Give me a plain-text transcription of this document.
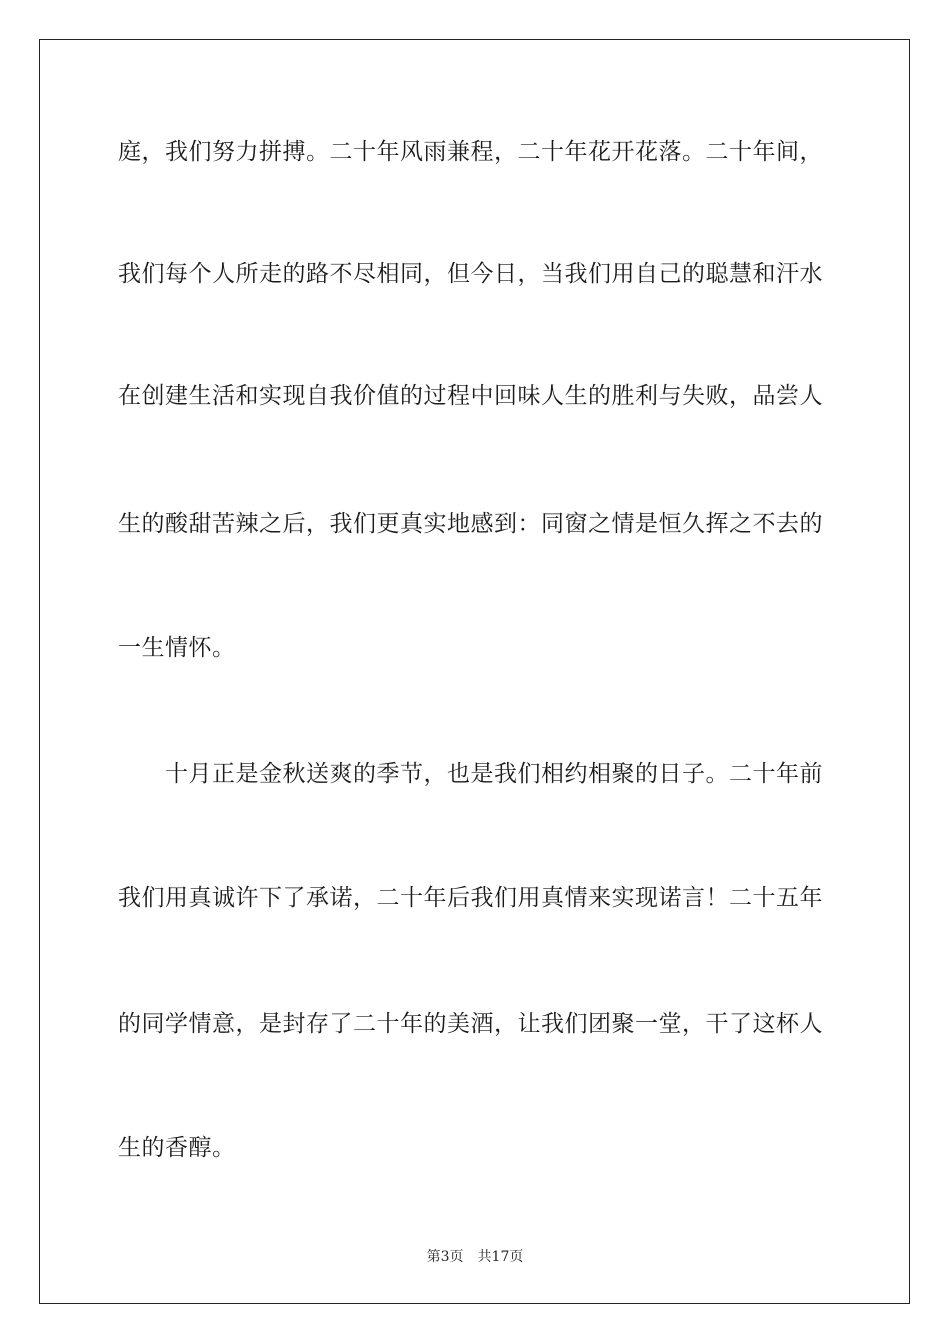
庭，我们努力拼搏。二十年风雨兼程，二十年花开花落。二十年间，
我们每个人所走的路不尽相同，但今日，当我们用自己的聪慧和汗水
在创建生活和实现自我价值的过程中回味人生的胜利与失败，品尝人
生的酸甜苦辣之后，我们更真实地感到：同窗之情是恒久挥之不去的
一生情怀。
　　十月正是金秋送爽的季节，也是我们相约相聚的日子。二十年前
我们用真诚许下了承诺，二十年后我们用真情来实现诺言！二十五年
的同学情意，是封存了二十年的美酒，让我们团聚一堂，干了这杯人
生的香醇。
第3页 共17页
